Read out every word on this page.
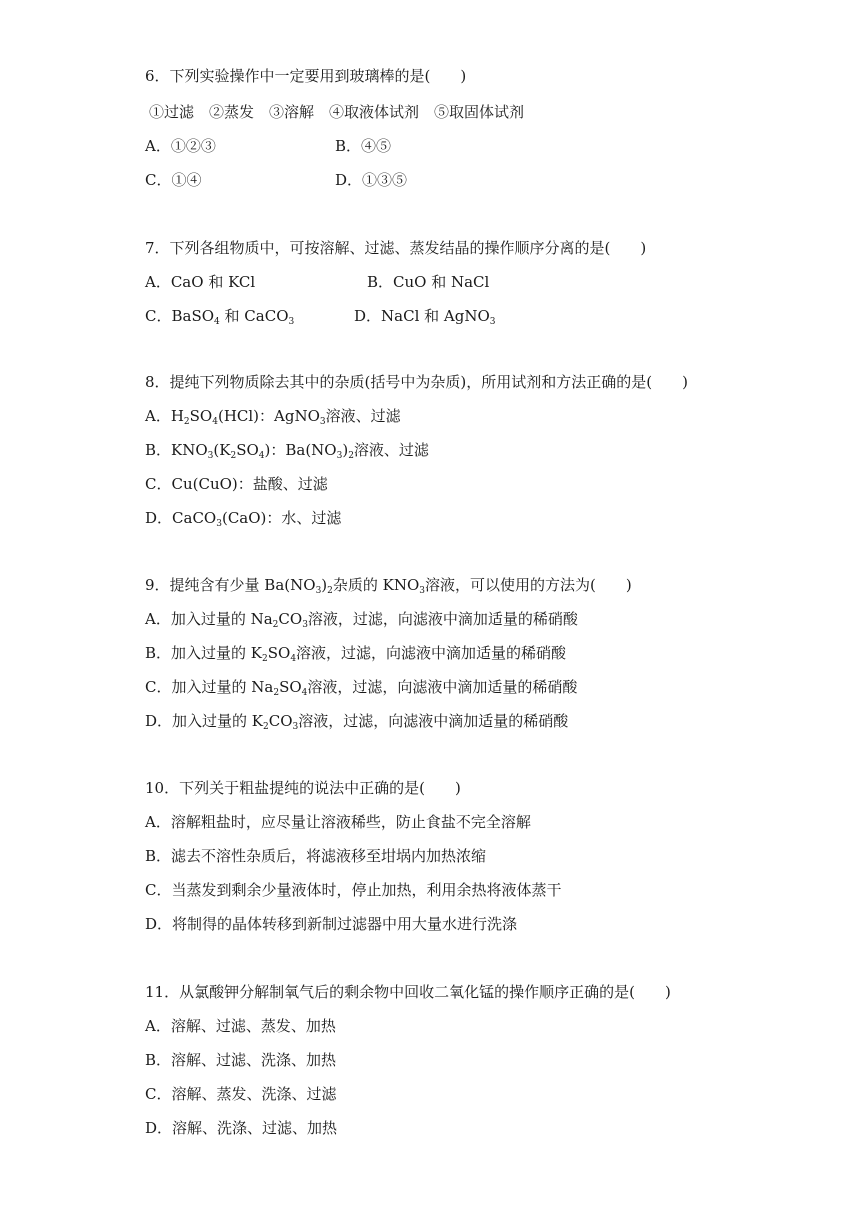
6．下列实验操作中一定要用到玻璃棒的是(　　)
①过滤　②蒸发　③溶解　④取液体试剂　⑤取固体试剂
A．①②③	B．④⑤
C．①④	D．①③⑤
7．下列各组物质中，可按溶解、过滤、蒸发结晶的操作顺序分离的是(　　)
A．CaO 和 KCl	B．CuO 和 NaCl
C．BaSO$_4$ 和 CaCO$_3$	D．NaCl 和 AgNO$_3$
8．提纯下列物质除去其中的杂质(括号中为杂质)，所用试剂和方法正确的是(　　)
A．$H_2SO_4(HCl)$：AgNO$_3$溶液、过滤
B．$KNO_3(K_2SO_4)$：$Ba(NO_3)_2$溶液、过滤
C．Cu(CuO)：盐酸、过滤
D．CaCO$_3$(CaO)：水、过滤
9．提纯含有少量 $Ba(NO_3)_2$杂质的 $KNO_3$溶液，可以使用的方法为(　　)
A．加入过量的 $Na_2CO_3$溶液，过滤，向滤液中滴加适量的稀硝酸
B．加入过量的 $K_2SO_4$溶液，过滤，向滤液中滴加适量的稀硝酸
C．加入过量的 $Na_2SO_4$溶液，过滤，向滤液中滴加适量的稀硝酸
D．加入过量的 $K_2CO_3$溶液，过滤，向滤液中滴加适量的稀硝酸
10．下列关于粗盐提纯的说法中正确的是(　　)
A．溶解粗盐时，应尽量让溶液稀些，防止食盐不完全溶解
B．滤去不溶性杂质后，将滤液移至坩埚内加热浓缩
C．当蒸发到剩余少量液体时，停止加热，利用余热将液体蒸干
D．将制得的晶体转移到新制过滤器中用大量水进行洗涤
11．从氯酸钾分解制氧气后的剩余物中回收二氧化锰的操作顺序正确的是(　　)
A．溶解、过滤、蒸发、加热
B．溶解、过滤、洗涤、加热
C．溶解、蒸发、洗涤、过滤
D．溶解、洗涤、过滤、加热
